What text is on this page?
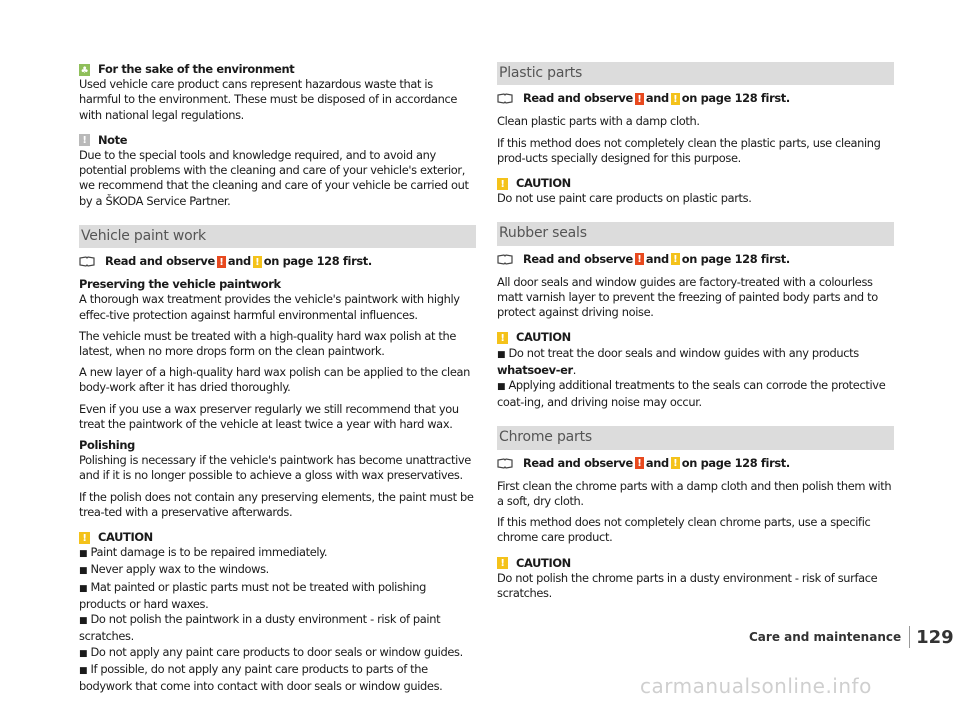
♣
For the sake of the environment

Used vehicle care product cans represent hazardous waste that is harmful to the environment. These must be disposed of in accordance with national legal regulations.

!
Note

Due to the special tools and knowledge required, and to avoid any potential problems with the cleaning and care of your vehicle's exterior, we recommend that the cleaning and care of your vehicle be carried out by a ŠKODA Service Partner.

Vehicle paint work
Read and observe ! and ! on page 128 first.

Preserving the vehicle paintwork

A thorough wax treatment provides the vehicle's paintwork with highly effec-tive protection against harmful environmental influences.

The vehicle must be treated with a high-quality hard wax polish at the latest, when no more drops form on the clean paintwork.

A new layer of a high-quality hard wax polish can be applied to the clean body-work after it has dried thoroughly.

Even if you use a wax preserver regularly we still recommend that you treat the paintwork of the vehicle at least twice a year with hard wax.

Polishing

Polishing is necessary if the vehicle's paintwork has become unattractive and if it is no longer possible to achieve a gloss with wax preservatives.

If the polish does not contain any preserving elements, the paint must be trea-ted with a preservative afterwards.

!
CAUTION
■ Paint damage is to be repaired immediately.
■ Never apply wax to the windows.
■ Mat painted or plastic parts must not be treated with polishing products or hard waxes.
■ Do not polish the paintwork in a dusty environment - risk of paint scratches.
■ Do not apply any paint care products to door seals or window guides.
■ If possible, do not apply any paint care products to parts of the bodywork that come into contact with door seals or window guides.
Plastic parts
Read and observe ! and ! on page 128 first.

Clean plastic parts with a damp cloth.

If this method does not completely clean the plastic parts, use cleaning prod-ucts specially designed for this purpose.

!
CAUTION

Do not use paint care products on plastic parts.

Rubber seals
Read and observe ! and ! on page 128 first.

All door seals and window guides are factory-treated with a colourless matt varnish layer to prevent the freezing of painted body parts and to protect against driving noise.

!
CAUTION
■ Do not treat the door seals and window guides with any products whatsoev-er.
■ Applying additional treatments to the seals can corrode the protective coat-ing, and driving noise may occur.
Chrome parts
Read and observe ! and ! on page 128 first.

First clean the chrome parts with a damp cloth and then polish them with a soft, dry cloth.

If this method does not completely clean chrome parts, use a specific chrome care product.

!
CAUTION

Do not polish the chrome parts in a dusty environment - risk of surface scratches.

Care and maintenance 129
carmanualsonline.info
